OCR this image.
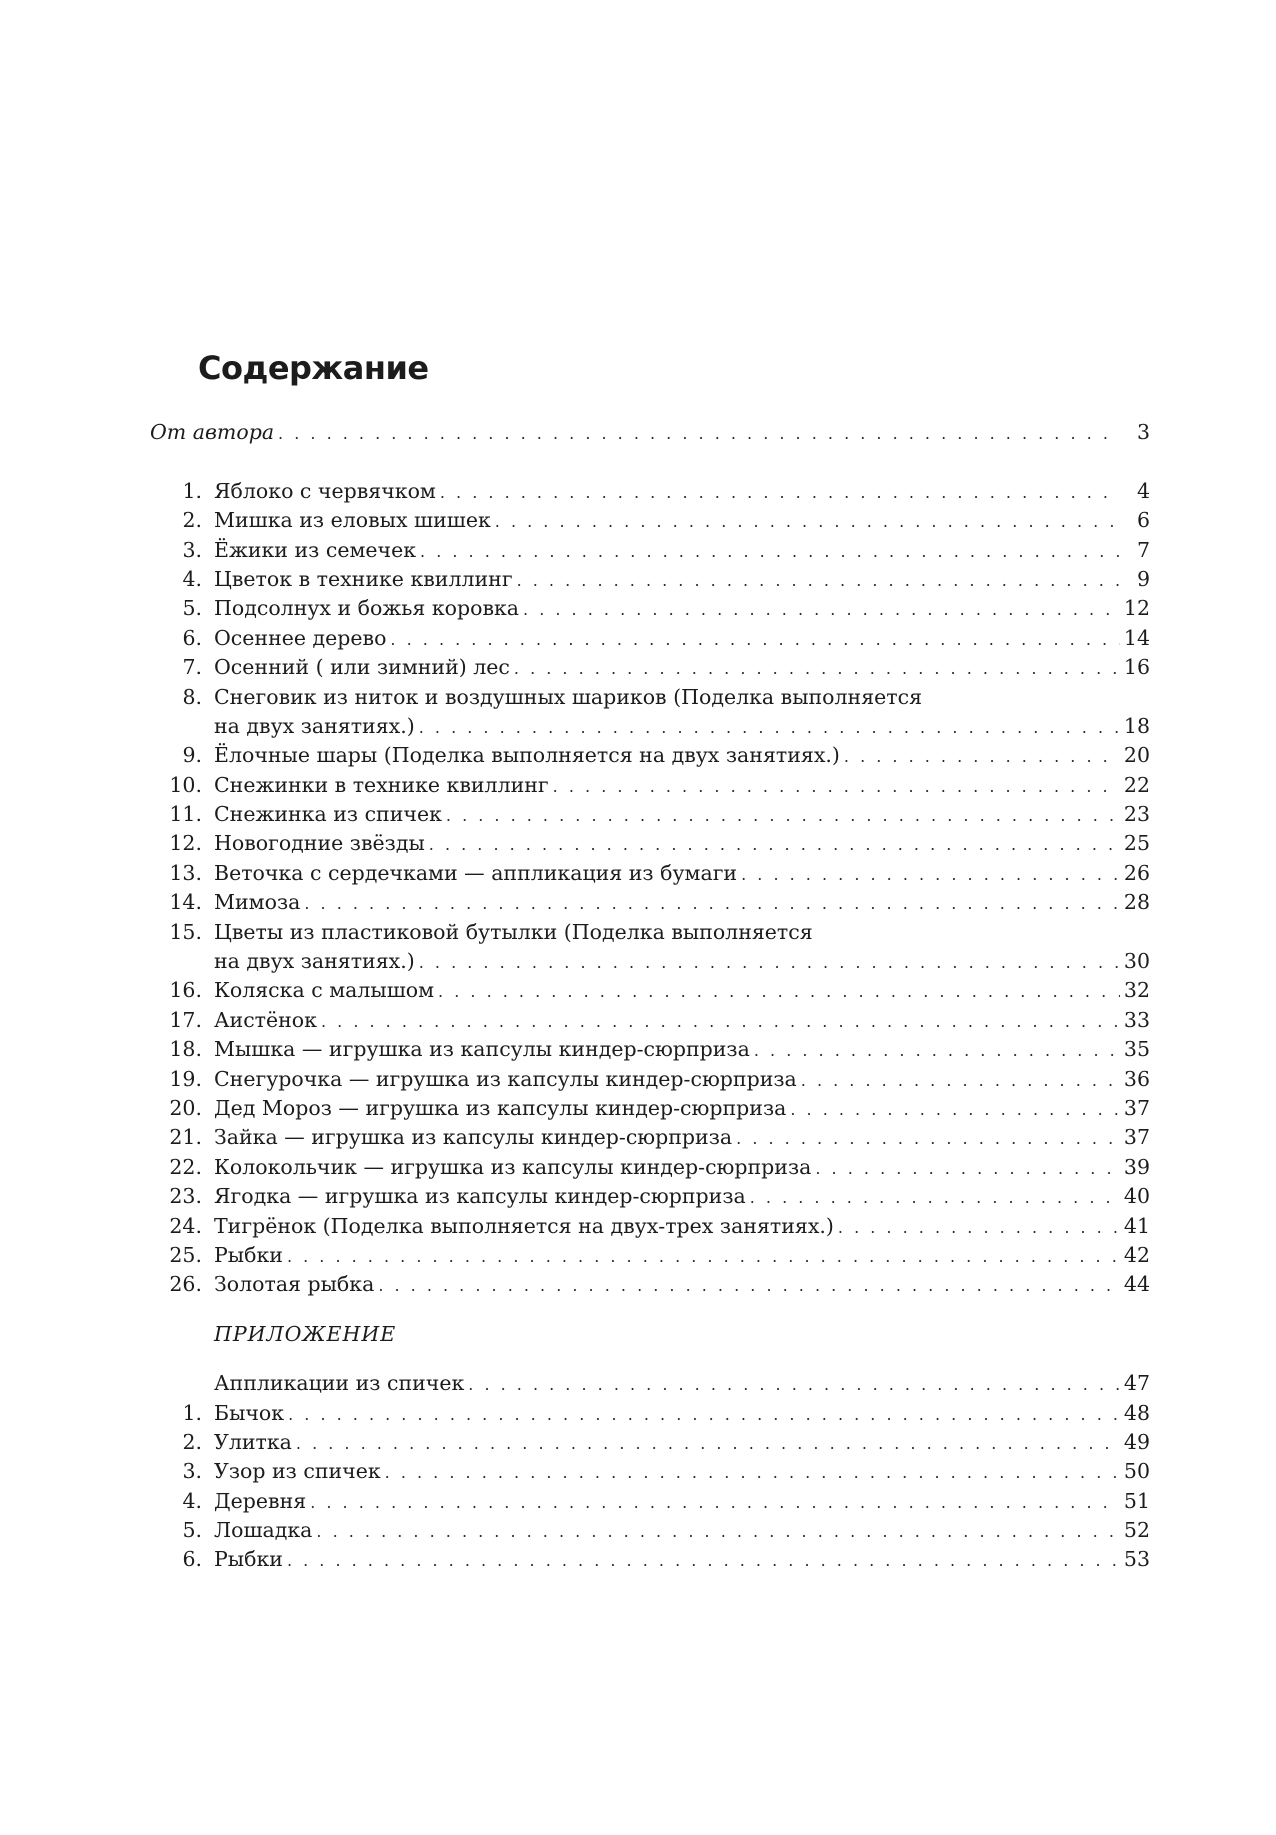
Содержание
От автора . . .	3
1. Яблоко с червячком . . .	4
2. Мишка из еловых шишек . . .	6
3. Ёжики из семечек . . .	7
4. Цветок в технике квиллинг . . .	9
5. Подсолнух и божья коровка . . .	12
6. Осеннее дерево . . .	14
7. Осенний ( или зимний) лес . . .	16
8. Снеговик из ниток и воздушных шариков (Поделка выполняется
на двух занятиях.) . . .	18
9. Ёлочные шары (Поделка выполняется на двух занятиях.) . . .	20
10. Снежинки в технике квиллинг . . .	22
11. Снежинка из спичек . . .	23
12. Новогодние звёзды . . .	25
13. Веточка с сердечками — аппликация из бумаги . . .	26
14. Мимоза . . .	28
15. Цветы из пластиковой бутылки (Поделка выполняется
на двух занятиях.) . . .	30
16. Коляска с малышом . . .	32
17. Аистёнок . . .	33
18. Мышка — игрушка из капсулы киндер-сюрприза . . .	35
19. Снегурочка — игрушка из капсулы киндер-сюрприза . . .	36
20. Дед Мороз — игрушка из капсулы киндер-сюрприза . . .	37
21. Зайка — игрушка из капсулы киндер-сюрприза . . .	37
22. Колокольчик — игрушка из капсулы киндер-сюрприза . . .	39
23. Ягодка — игрушка из капсулы киндер-сюрприза . . .	40
24. Тигрёнок (Поделка выполняется на двух-трех занятиях.) . . .	41
25. Рыбки . . .	42
26. Золотая рыбка . . .	44
ПРИЛОЖЕНИЕ
Аппликации из спичек . . .	47
1. Бычок . . .	48
2. Улитка . . .	49
3. Узор из спичек . . .	50
4. Деревня . . .	51
5. Лошадка . . .	52
6. Рыбки . . .	53
